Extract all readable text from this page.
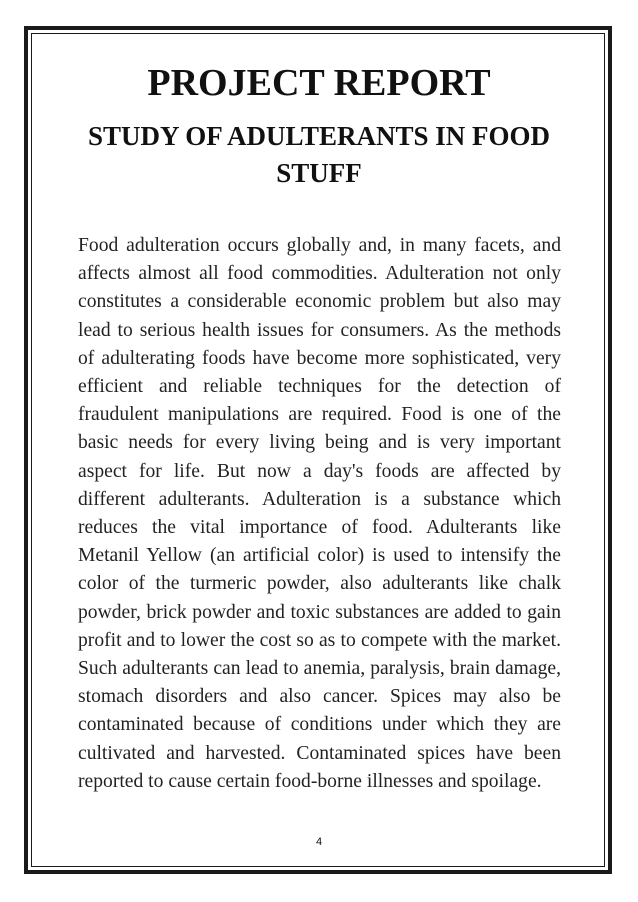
PROJECT REPORT
STUDY OF ADULTERANTS IN FOOD STUFF

Food adulteration occurs globally and, in many facets, and affects almost all food commodities. Adulteration not only constitutes a considerable economic problem but also may lead to serious health issues for consumers. As the methods of adulterating foods have become more sophisticated, very efficient and reliable techniques for the detection of fraudulent manipulations are required. Food is one of the basic needs for every living being and is very important aspect for life. But now a day's foods are affected by different adulterants. Adulteration is a substance which reduces the vital importance of food. Adulterants like Metanil Yellow (an artificial color) is used to intensify the color of the turmeric powder, also adulterants like chalk powder, brick powder and toxic substances are added to gain profit and to lower the cost so as to compete with the market. Such adulterants can lead to anemia, paralysis, brain damage, stomach disorders and also cancer. Spices may also be contaminated because of conditions under which they are cultivated and harvested. Contaminated spices have been reported to cause certain food-borne illnesses and spoilage.

4
